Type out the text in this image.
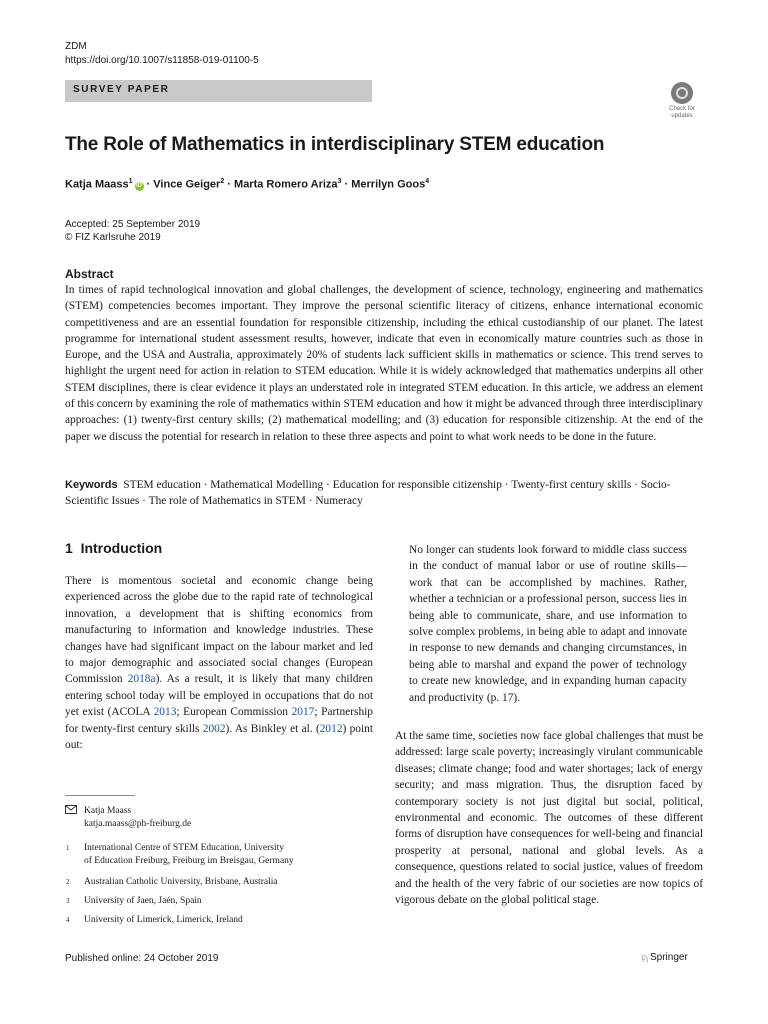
ZDM
https://doi.org/10.1007/s11858-019-01100-5
SURVEY PAPER
Check for
updates
The Role of Mathematics in interdisciplinary STEM education
Katja Maass$^1$iD · Vince Geiger$^2$ · Marta Romero Ariza$^3$ · Merrilyn Goos$^4$
Accepted: 25 September 2019
© FIZ Karlsruhe 2019
Abstract
In times of rapid technological innovation and global challenges, the development of science, technology, engineering and mathematics (STEM) competencies becomes important. They improve the personal scientific literacy of citizens, enhance international economic competitiveness and are an essential foundation for responsible citizenship, including the ethical custodianship of our planet. The latest programme for international student assessment results, however, indicate that even in economically mature countries such as those in Europe, and the USA and Australia, approximately 20% of students lack sufficient skills in mathematics or science. This trend serves to highlight the urgent need for action in relation to STEM education. While it is widely acknowledged that mathematics underpins all other STEM disciplines, there is clear evidence it plays an understated role in integrated STEM education. In this article, we address an element of this concern by examining the role of mathematics within STEM education and how it might be advanced through three interdisciplinary approaches: (1) twenty-first century skills; (2) mathematical modelling; and (3) education for responsible citizenship. At the end of the paper we discuss the potential for research in relation to these three aspects and point to what work needs to be done in the future.
Keywords STEM education · Mathematical Modelling · Education for responsible citizenship · Twenty-first century skills · Socio-Scientific Issues · The role of Mathematics in STEM · Numeracy
1 Introduction
There is momentous societal and economic change being experienced across the globe due to the rapid rate of technological innovation, a development that is shifting economics from manufacturing to information and knowledge industries. These changes have had significant impact on the labour market and led to major demographic and associated social changes (European Commission 2018a). As a result, it is likely that many children entering school today will be employed in occupations that do not yet exist (ACOLA 2013; European Commission 2017; Partnership for twenty-first century skills 2002). As Binkley et al. (2012) point out:
No longer can students look forward to middle class success in the conduct of manual labor or use of routine skills—work that can be accomplished by machines. Rather, whether a technician or a professional person, success lies in being able to communicate, share, and use information to solve complex problems, in being able to adapt and innovate in response to new demands and changing circumstances, in being able to marshal and expand the power of technology to create new knowledge, and in expanding human capacity and productivity (p. 17).
At the same time, societies now face global challenges that must be addressed: large scale poverty; increasingly virulant communicable diseases; climate change; food and water shortages; lack of energy security; and mass migration. Thus, the disruption faced by contemporary society is not just digital but social, political, environmental and economic. The outcomes of these different forms of disruption have consequences for well-being and financial prosperity at personal, national and global levels. As a consequence, questions related to social justice, values of freedom and the health of the very fabric of our societies are now topics of vigorous debate on the global political stage.
Katja Maass
katja.maass@ph-freiburg.de
1 International Centre of STEM Education, University
of Education Freiburg, Freiburg im Breisgau, Germany
2 Australian Catholic University, Brisbane, Australia
3 University of Jaen, Jaén, Spain
4 University of Limerick, Limerick, Ireland
Published online: 24 October 2019	♘ Springer
